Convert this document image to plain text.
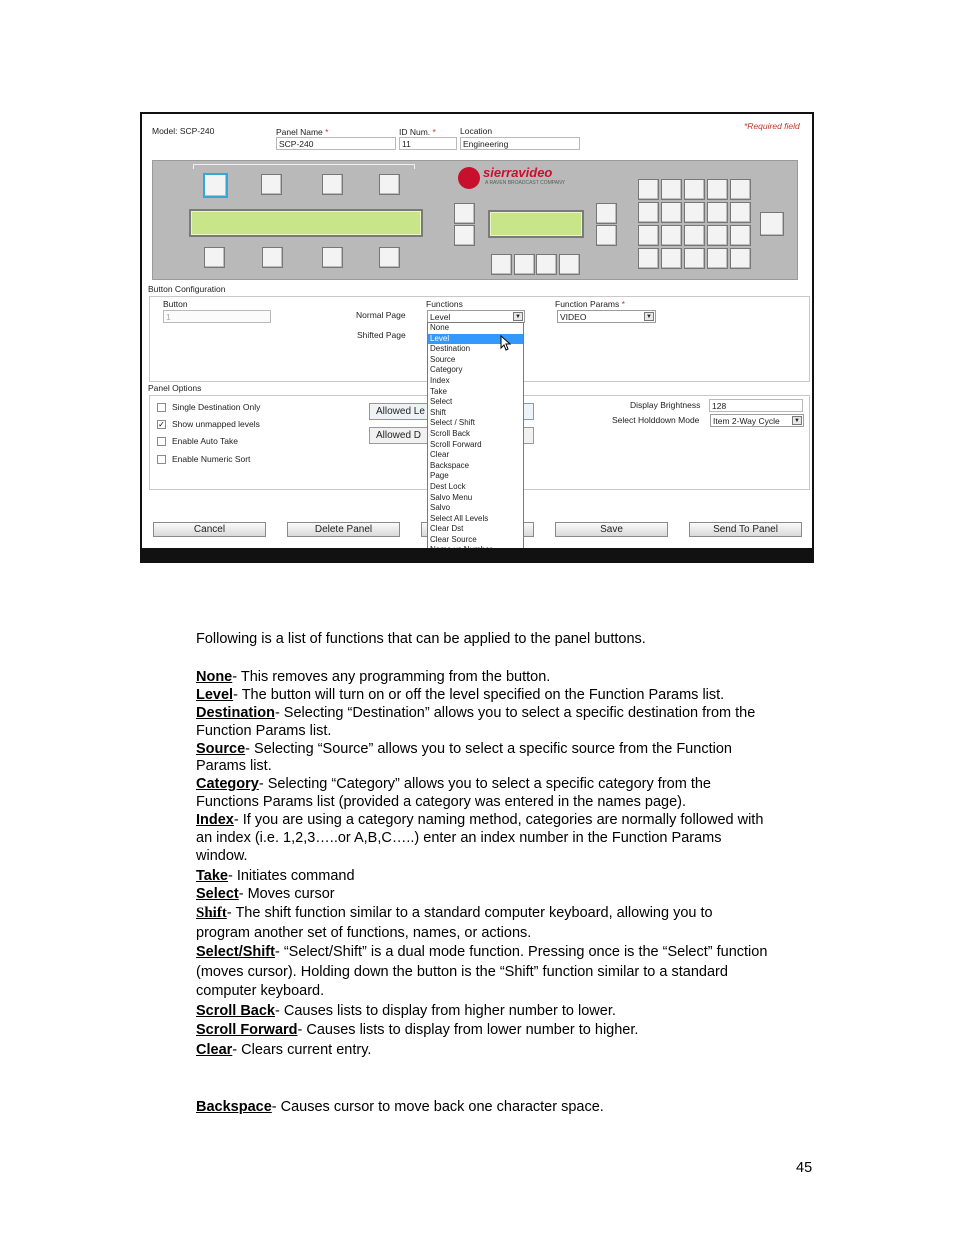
Model: SCP-240	*Required field
Panel Name *
SCP-240
ID Num. *
11
Location
Engineering
sierravideo
A RAVEN BROADCAST COMPANY
Button Configuration
Button
1	Normal Page
Shifted Page
Functions
Level	▼
Function Params *
VIDEO	▼
Panel Options
Single Destination Only
✓ Show unmapped levels
Enable Auto Take
Enable Numeric Sort
Allowed Le
Allowed D
Display Brightness	128
Select Holddown Mode	Item 2-Way Cycle	▼
Cancel	Delete Panel	Save	Send To Panel
None
Level
Destination
Source
Category
Index
Take
Select
Shift
Select / Shift
Scroll Back
Scroll Forward
Clear
Backspace
Page
Dest Lock
Salvo Menu
Salvo
Select All Levels
Clear Dst
Clear Source
Following is a list of functions that can be applied to the panel buttons.
None- This removes any programming from the button.
Level- The button will turn on or off the level specified on the Function Params list.
Destination- Selecting “Destination” allows you to select a specific destination from the
Function Params list.
Source- Selecting “Source” allows you to select a specific source from the Function
Params list.
Category- Selecting “Category” allows you to select a specific category from the
Functions Params list (provided a category was entered in the names page).
Index- If you are using a category naming method, categories are normally followed with
an index (i.e. 1,2,3…..or A,B,C…..) enter an index number in the Function Params
window.
Take- Initiates command
Select- Moves cursor
Shift- The shift function similar to a standard computer keyboard, allowing you to
program another set of functions, names, or actions.
Select/Shift- “Select/Shift” is a dual mode function. Pressing once is the “Select” function
(moves cursor). Holding down the button is the “Shift” function similar to a standard
computer keyboard.
Scroll Back- Causes lists to display from higher number to lower.
Scroll Forward- Causes lists to display from lower number to higher.
Clear- Clears current entry.
Backspace- Causes cursor to move back one character space.
45
